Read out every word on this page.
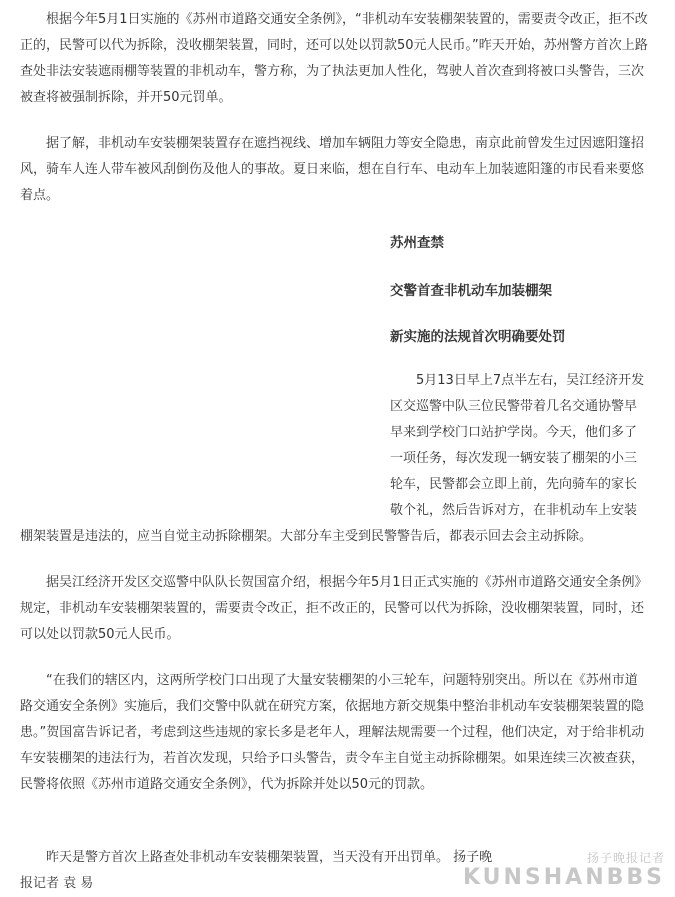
根据今年5月1日实施的《苏州市道路交通安全条例》，“非机动车安装棚架装置的，需要责令改正，拒不改正的，民警可以代为拆除，没收棚架装置，同时，还可以处以罚款50元人民币。”昨天开始，苏州警方首次上路查处非法安装遮雨棚等装置的非机动车，警方称，为了执法更加人性化，驾驶人首次查到将被口头警告，三次被查将被强制拆除，并开50元罚单。

据了解，非机动车安装棚架装置存在遮挡视线、增加车辆阻力等安全隐患，南京此前曾发生过因遮阳篷招风，骑车人连人带车被风刮倒伤及他人的事故。夏日来临，想在自行车、电动车上加装遮阳篷的市民看来要悠着点。

苏州查禁

交警首查非机动车加装棚架

新实施的法规首次明确要处罚

5月13日早上7点半左右，吴江经济开发区交巡警中队三位民警带着几名交通协警早早来到学校门口站护学岗。今天，他们多了一项任务，每次发现一辆安装了棚架的小三轮车，民警都会立即上前，先向骑车的家长敬个礼，然后告诉对方，在非机动车上安装棚架装置是违法的，应当自觉主动拆除棚架。大部分车主受到民警警告后，都表示回去会主动拆除。

据吴江经济开发区交巡警中队队长贺国富介绍，根据今年5月1日正式实施的《苏州市道路交通安全条例》规定，非机动车安装棚架装置的，需要责令改正，拒不改正的，民警可以代为拆除，没收棚架装置，同时，还可以处以罚款50元人民币。

“在我们的辖区内，这两所学校门口出现了大量安装棚架的小三轮车，问题特别突出。所以在《苏州市道路交通安全条例》实施后，我们交警中队就在研究方案，依据地方新交规集中整治非机动车安装棚架装置的隐患。”贺国富告诉记者，考虑到这些违规的家长多是老年人，理解法规需要一个过程，他们决定，对于给非机动车安装棚架的违法行为，若首次发现，只给予口头警告，责令车主自觉主动拆除棚架。如果连续三次被查获，民警将依照《苏州市道路交通安全条例》，代为拆除并处以50元的罚款。

昨天是警方首次上路查处非机动车安装棚架装置，当天没有开出罚单。 扬子晚报记者 袁 易

扬子晚报记者
KUNSHANBBS
